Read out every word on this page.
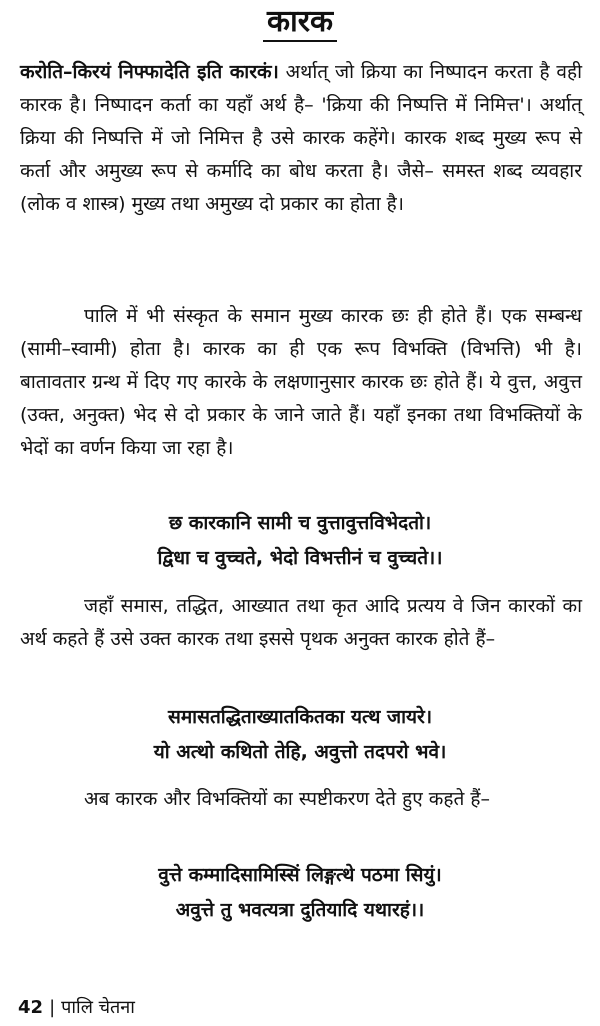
कारक

करोति–किरयं निफ्फादेति इति कारकं। अर्थात् जो क्रिया का निष्पादन करता है वही कारक है। निष्पादन कर्ता का यहाँ अर्थ है– 'क्रिया की निष्पत्ति में निमित्त'। अर्थात् क्रिया की निष्पत्ति में जो निमित्त है उसे कारक कहेंगे। कारक शब्द मुख्य रूप से कर्ता और अमुख्य रूप से कर्मादि का बोध करता है। जैसे– समस्त शब्द व्यवहार (लोक व शास्त्र) मुख्य तथा अमुख्य दो प्रकार का होता है।

पालि में भी संस्कृत के समान मुख्य कारक छः ही होते हैं। एक सम्बन्ध (सामी–स्वामी) होता है। कारक का ही एक रूप विभक्ति (विभत्ति) भी है। बातावतार ग्रन्थ में दिए गए कारके के लक्षणानुसार कारक छः होते हैं। ये वुत्त, अवुत्त (उक्त, अनुक्त) भेद से दो प्रकार के जाने जाते हैं। यहाँ इनका तथा विभक्तियों के भेदों का वर्णन किया जा रहा है।

छ कारकानि सामी च वुत्तावुत्तविभेदतो।

द्विधा च वुच्चते, भेदो विभत्तीनं च वुच्चते।।

जहाँ समास, तद्धित, आख्यात तथा कृत आदि प्रत्यय वे जिन कारकों का अर्थ कहते हैं उसे उक्त कारक तथा इससे पृथक अनुक्त कारक होते हैं–

समासतद्धिताख्यातकितका यत्थ जायरे।

यो अत्थो कथितो तेहि, अवुत्तो तदपरो भवे।

अब कारक और विभक्तियों का स्पष्टीकरण देते हुए कहते हैं–

वुत्ते कम्मादिसामिस्सिं लिङ्गत्थे पठमा सियुं।

अवुत्ते तु भवत्यत्रा दुतियादि यथारहं।।

42 | पालि चेतना
